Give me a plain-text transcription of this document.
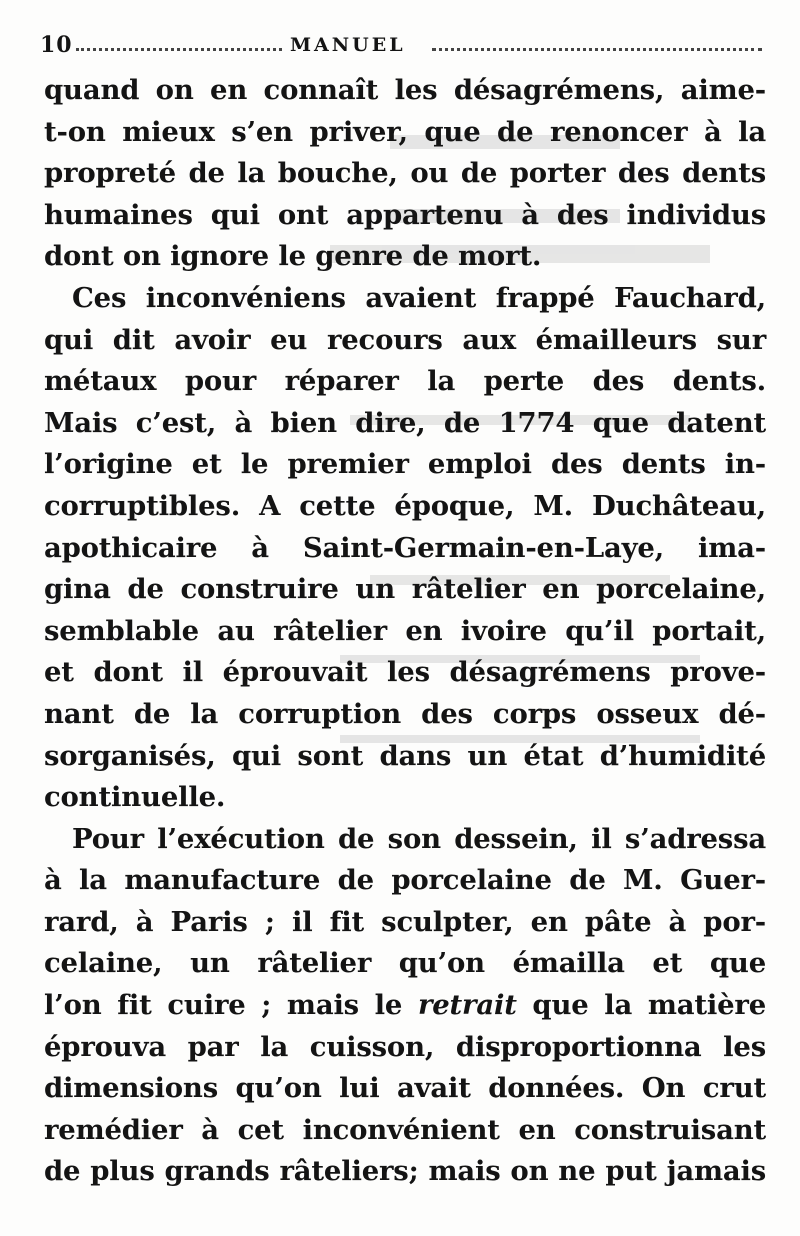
10	MANUEL
quand on en connaît les désagrémens, aime-
t-on mieux s’en priver, que de renoncer à la
propreté de la bouche, ou de porter des dents
humaines qui ont appartenu à des individus
dont on ignore le genre de mort.
Ces inconvéniens avaient frappé Fauchard,
qui dit avoir eu recours aux émailleurs sur
métaux pour réparer la perte des dents.
Mais c’est, à bien dire, de 1774 que datent
l’origine et le premier emploi des dents in-
corruptibles. A cette époque, M. Duchâteau,
apothicaire à Saint-Germain-en-Laye, ima-
gina de construire un râtelier en porcelaine,
semblable au râtelier en ivoire qu’il portait,
et dont il éprouvait les désagrémens prove-
nant de la corruption des corps osseux dé-
sorganisés, qui sont dans un état d’humidité
continuelle.
Pour l’exécution de son dessein, il s’adressa
à la manufacture de porcelaine de M. Guer-
rard, à Paris ; il fit sculpter, en pâte à por-
celaine, un râtelier qu’on émailla et que
l’on fit cuire ; mais le retrait que la matière
éprouva par la cuisson, disproportionna les
dimensions qu’on lui avait données. On crut
remédier à cet inconvénient en construisant
de plus grands râteliers; mais on ne put jamais
